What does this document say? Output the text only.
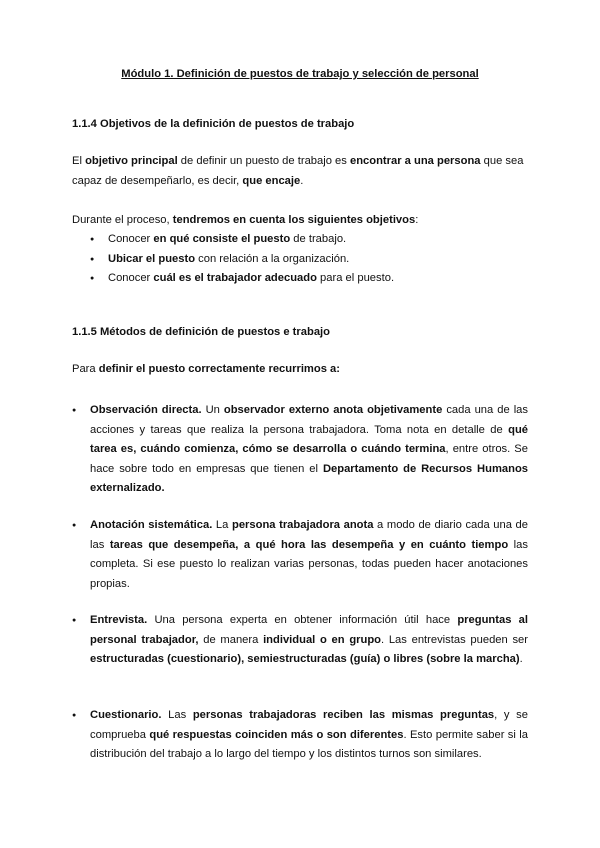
Módulo 1. Definición de puestos de trabajo y selección de personal
1.1.4 Objetivos de la definición de puestos de trabajo
El objetivo principal de definir un puesto de trabajo es encontrar a una persona que sea capaz de desempeñarlo, es decir, que encaje.
Durante el proceso, tendremos en cuenta los siguientes objetivos:
● Conocer en qué consiste el puesto de trabajo.
● Ubicar el puesto con relación a la organización.
● Conocer cuál es el trabajador adecuado para el puesto.
1.1.5 Métodos de definición de puestos e trabajo
Para definir el puesto correctamente recurrimos a:
● Observación directa. Un observador externo anota objetivamente cada una de las acciones y tareas que realiza la persona trabajadora. Toma nota en detalle de qué tarea es, cuándo comienza, cómo se desarrolla o cuándo termina, entre otros. Se hace sobre todo en empresas que tienen el Departamento de Recursos Humanos externalizado.
● Anotación sistemática. La persona trabajadora anota a modo de diario cada una de las tareas que desempeña, a qué hora las desempeña y en cuánto tiempo las completa. Si ese puesto lo realizan varias personas, todas pueden hacer anotaciones propias.
● Entrevista. Una persona experta en obtener información útil hace preguntas al personal trabajador, de manera individual o en grupo. Las entrevistas pueden ser estructuradas (cuestionario), semiestructuradas (guía) o libres (sobre la marcha).
● Cuestionario. Las personas trabajadoras reciben las mismas preguntas, y se comprueba qué respuestas coinciden más o son diferentes. Esto permite saber si la distribución del trabajo a lo largo del tiempo y los distintos turnos son similares.
